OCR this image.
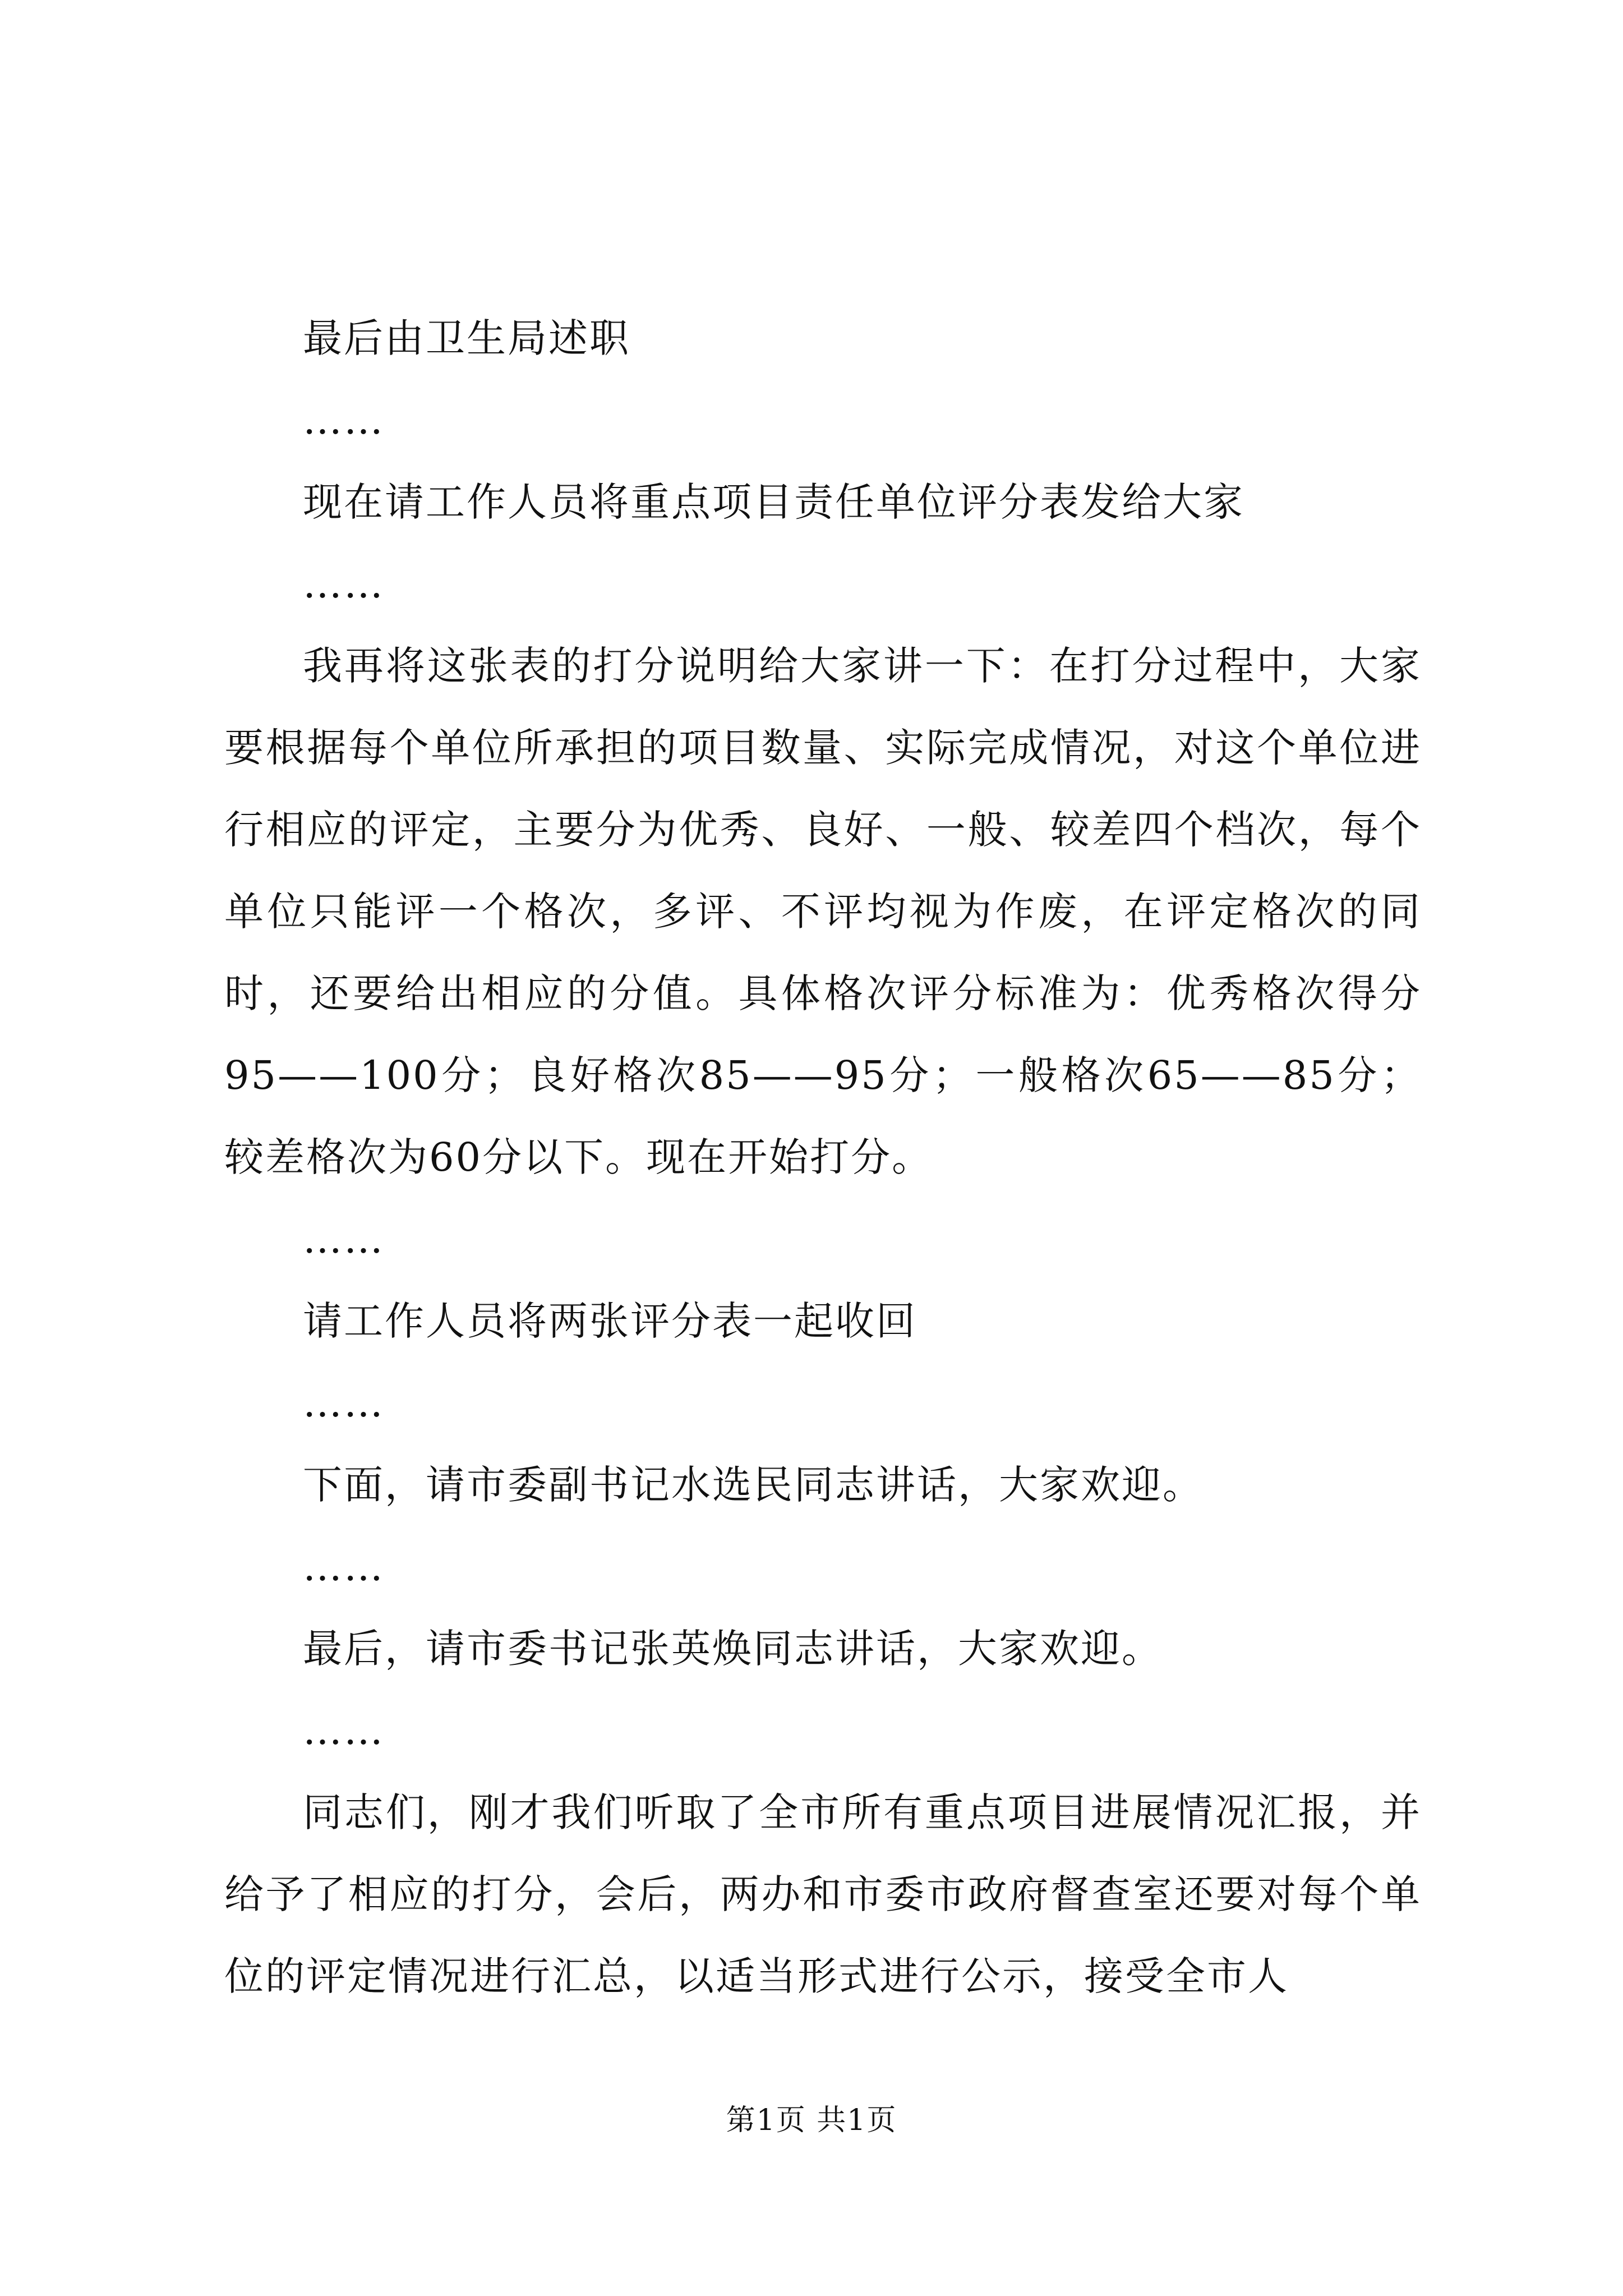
最后由卫生局述职

……

现在请工作人员将重点项目责任单位评分表发给大家

……

我再将这张表的打分说明给大家讲一下：在打分过程中，大家要根据每个单位所承担的项目数量、实际完成情况，对这个单位进行相应的评定，主要分为优秀、良好、一般、较差四个档次，每个单位只能评一个格次，多评、不评均视为作废，在评定格次的同时，还要给出相应的分值。具体格次评分标准为：优秀格次得分95——100分；良好格次85——95分；一般格次65——85分；较差格次为60分以下。现在开始打分。

……

请工作人员将两张评分表一起收回

……

下面，请市委副书记水选民同志讲话，大家欢迎。

……

最后，请市委书记张英焕同志讲话，大家欢迎。

……

同志们，刚才我们听取了全市所有重点项目进展情况汇报，并给予了相应的打分，会后，两办和市委市政府督查室还要对每个单位的评定情况进行汇总，以适当形式进行公示，接受全市人

第1页 共1页
